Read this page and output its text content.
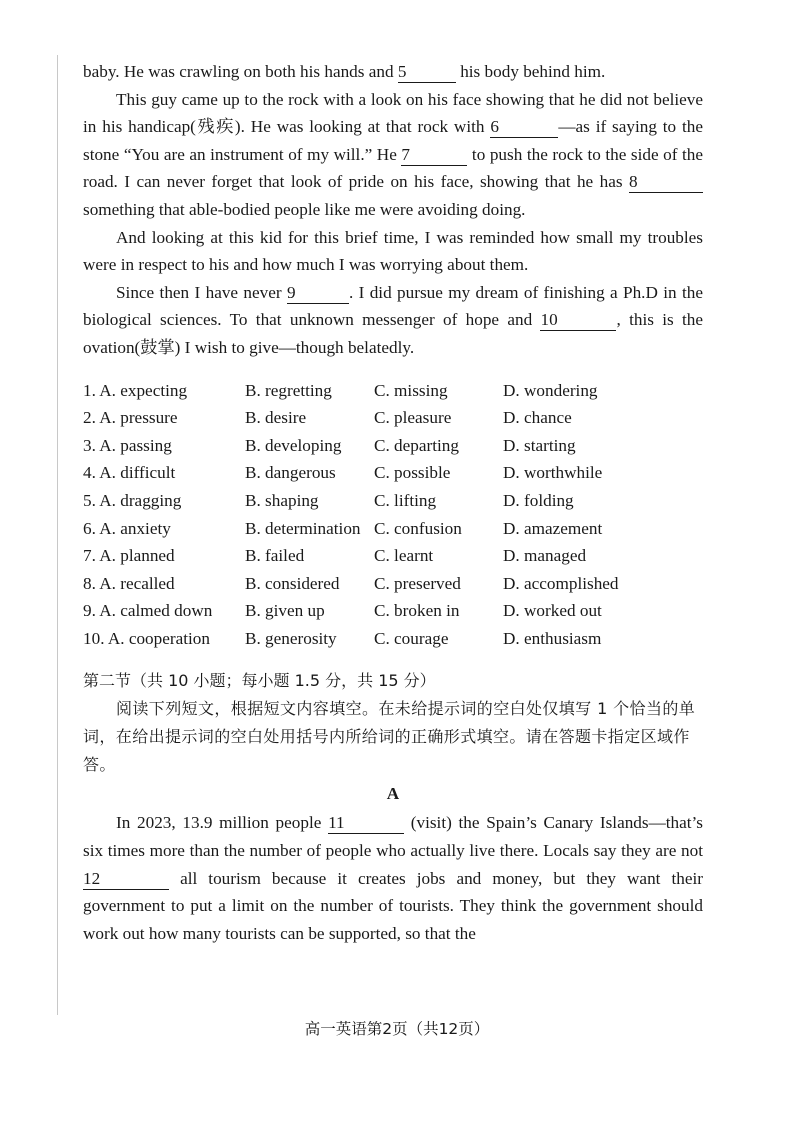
baby. He was crawling on both his hands and 5	his body behind him.

This guy came up to the rock with a look on his face showing that he did not believe in his handicap(残疾). He was looking at that rock with 6	—as if saying to the stone “You are an instrument of my will.” He 7	to push the rock to the side of the road. I can never forget that look of pride on his face, showing that he has 8 something that able-bodied people like me were avoiding doing.

And looking at this kid for this brief time, I was reminded how small my troubles were in respect to his and how much I was worrying about them.

Since then I have never 9	. I did pursue my dream of finishing a Ph.D in the biological sciences. To that unknown messenger of hope and 10	, this is the ovation(鼓掌) I wish to give—though belatedly.

1. A. expecting	B. regretting	C. missing	D. wondering
2. A. pressure	B. desire	C. pleasure	D. chance
3. A. passing	B. developing	C. departing	D. starting
4. A. difficult	B. dangerous	C. possible	D. worthwhile
5. A. dragging	B. shaping	C. lifting	D. folding
6. A. anxiety	B. determination C. confusion	D. amazement
7. A. planned	B. failed	C. learnt	D. managed
8. A. recalled	B. considered	C. preserved	D. accomplished
9. A. calmed down	B. given up	C. broken in	D. worked out
10. A. cooperation	B. generosity	C. courage	D. enthusiasm
第二节（共 10 小题；每小题 1.5 分，共 15 分）

阅读下列短文，根据短文内容填空。在未给提示词的空白处仅填写 1 个恰当的单词，在给出提示词的空白处用括号内所给词的正确形式填空。请在答题卡指定区域作答。

A

In 2023, 13.9 million people 11	(visit) the Spain’s Canary Islands—that’s six times more than the number of people who actually live there. Locals say they are not 12	all tourism because it creates jobs and money, but they want their government to put a limit on the number of tourists. They think the government should work out how many tourists can be supported, so that the

高一英语第2页（共12页）
